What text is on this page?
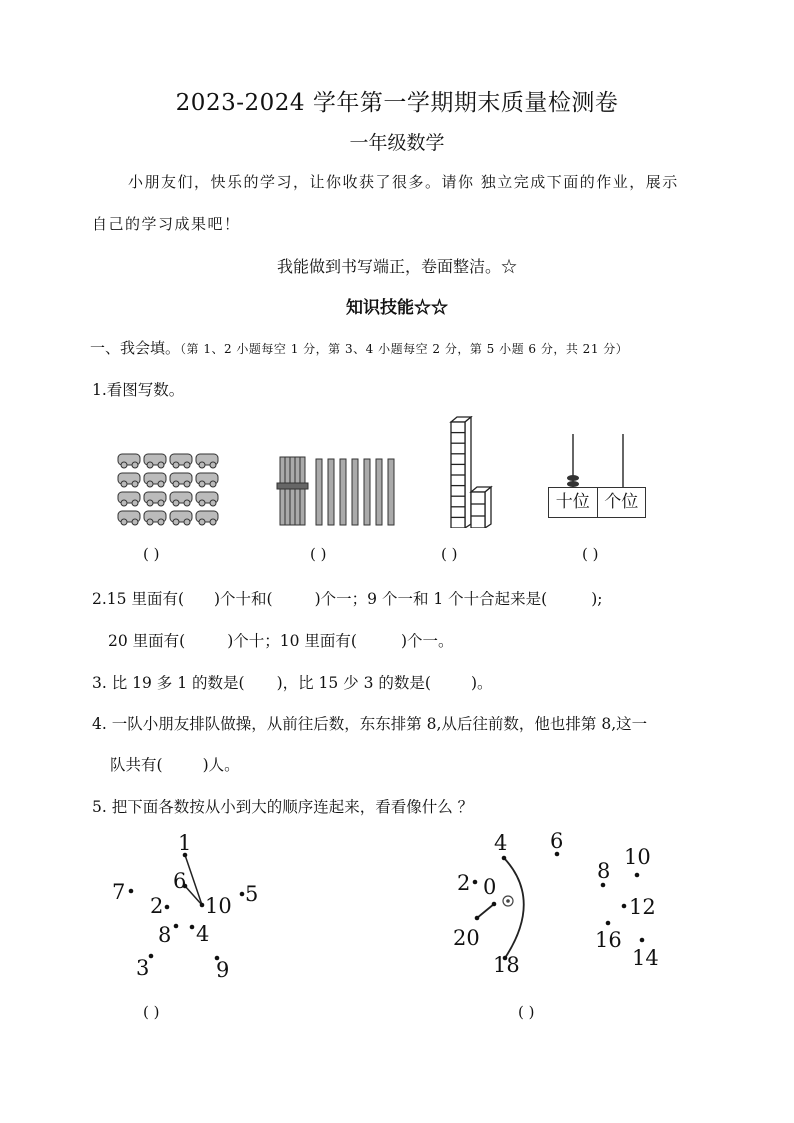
2023-2024 学年第一学期期末质量检测卷
一年级数学
小朋友们，快乐的学习，让你收获了很多。请你 独立完成下面的作业，展示
自己的学习成果吧！
我能做到书写端正，卷面整洁。☆
知识技能☆☆
一、我会填。（第 1、2 小题每空 1 分，第 3、4 小题每空 2 分，第 5 小题 6 分，共 21 分）
1.看图写数。
十位 个位
( )	( )	( )	( )
2.15 里面有( )个十和(	)个一；9 个一和 1 个十合起来是(	);
20 里面有(	)个十；10 里面有(	)个一。
3. 比 19 多 1 的数是( )，比 15 少 3 的数是(	)。
4. 一队小朋友排队做操，从前往后数，东东排第 8,从后往前数，他也排第 8,这一
队共有(	)人。
5. 把下面各数按从小到大的顺序连起来，看看像什么 ？
1
6
7
2 10 5
8 4
3	9
4 6
10
2 0
8
12
20	16
18	14
( )	( )
